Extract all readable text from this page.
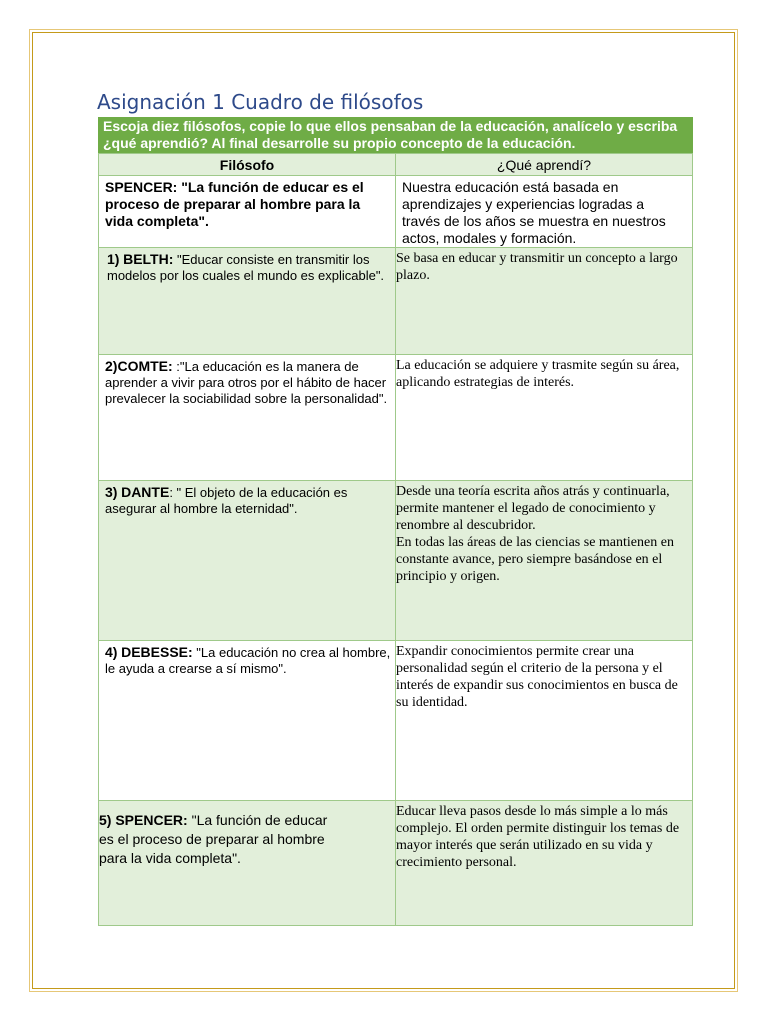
Asignación 1 Cuadro de filósofos
Escoja diez filósofos, copie lo que ellos pensaban de la educación, analícelo y escriba ¿qué aprendió? Al final desarrolle su propio concepto de la educación.
Filósofo	¿Qué aprendí?
SPENCER: "La función de educar es el proceso de preparar al hombre para la vida completa".	Nuestra educación está basada en aprendizajes y experiencias logradas a través de los años se muestra en nuestros actos, modales y formación.
1) BELTH: "Educar consiste en transmitir los modelos por los cuales el mundo es explicable".	Se basa en educar y transmitir un concepto a largo plazo.
2)COMTE: :"La educación es la manera de aprender a vivir para otros por el hábito de hacer prevalecer la sociabilidad sobre la personalidad".	La educación se adquiere y trasmite según su área, aplicando estrategias de interés.
3) DANTE: " El objeto de la educación es asegurar al hombre la eternidad".	Desde una teoría escrita años atrás y continuarla, permite mantener el legado de conocimiento y renombre al descubridor.
En todas las áreas de las ciencias se mantienen en constante avance, pero siempre basándose en el principio y origen.

4) DEBESSE: "La educación no crea al hombre, le ayuda a crearse a sí mismo".	Expandir conocimientos permite crear una personalidad según el criterio de la persona y el interés de expandir sus conocimientos en busca de su identidad.
5) SPENCER: "La función de educar es el proceso de preparar al hombre para la vida completa".	Educar lleva pasos desde lo más simple a lo más complejo. El orden permite distinguir los temas de mayor interés que serán utilizado en su vida y crecimiento personal.
